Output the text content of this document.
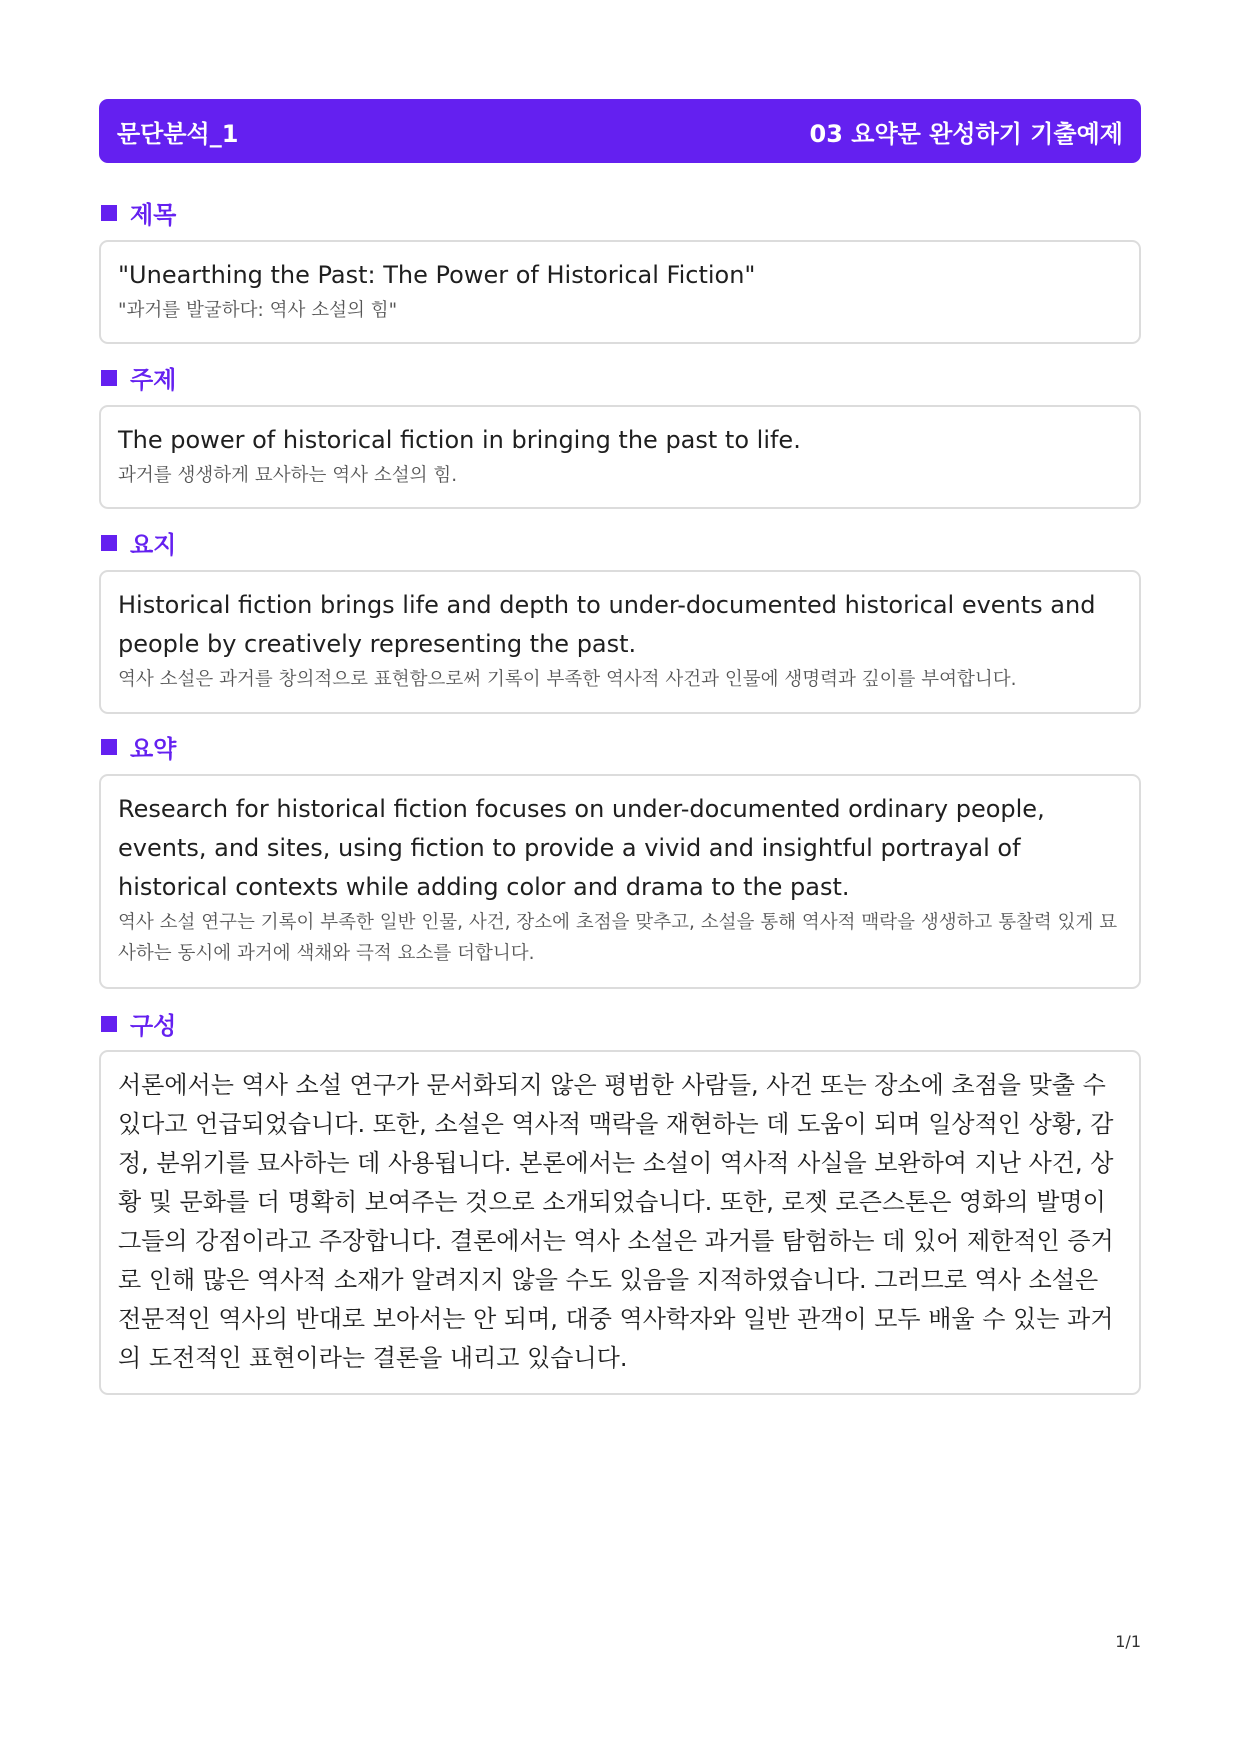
문단분석_1	03 요약문 완성하기 기출예제
제목
"Unearthing the Past: The Power of Historical Fiction"
"과거를 발굴하다: 역사 소설의 힘"
주제
The power of historical fiction in bringing the past to life.
과거를 생생하게 묘사하는 역사 소설의 힘.
요지
Historical fiction brings life and depth to under-documented historical events and people by creatively representing the past.
역사 소설은 과거를 창의적으로 표현함으로써 기록이 부족한 역사적 사건과 인물에 생명력과 깊이를 부여합니다.
요약
Research for historical fiction focuses on under-documented ordinary people, events, and sites, using fiction to provide a vivid and insightful portrayal of historical contexts while adding color and drama to the past.
역사 소설 연구는 기록이 부족한 일반 인물, 사건, 장소에 초점을 맞추고, 소설을 통해 역사적 맥락을 생생하고 통찰력 있게 묘사하는 동시에 과거에 색채와 극적 요소를 더합니다.
구성
서론에서는 역사 소설 연구가 문서화되지 않은 평범한 사람들, 사건 또는 장소에 초점을 맞출 수 있다고 언급되었습니다. 또한, 소설은 역사적 맥락을 재현하는 데 도움이 되며 일상적인 상황, 감정, 분위기를 묘사하는 데 사용됩니다. 본론에서는 소설이 역사적 사실을 보완하여 지난 사건, 상황 및 문화를 더 명확히 보여주는 것으로 소개되었습니다. 또한, 로젯 로즌스톤은 영화의 발명이 그들의 강점이라고 주장합니다. 결론에서는 역사 소설은 과거를 탐험하는 데 있어 제한적인 증거로 인해 많은 역사적 소재가 알려지지 않을 수도 있음을 지적하였습니다. 그러므로 역사 소설은 전문적인 역사의 반대로 보아서는 안 되며, 대중 역사학자와 일반 관객이 모두 배울 수 있는 과거의 도전적인 표현이라는 결론을 내리고 있습니다.
1/1
